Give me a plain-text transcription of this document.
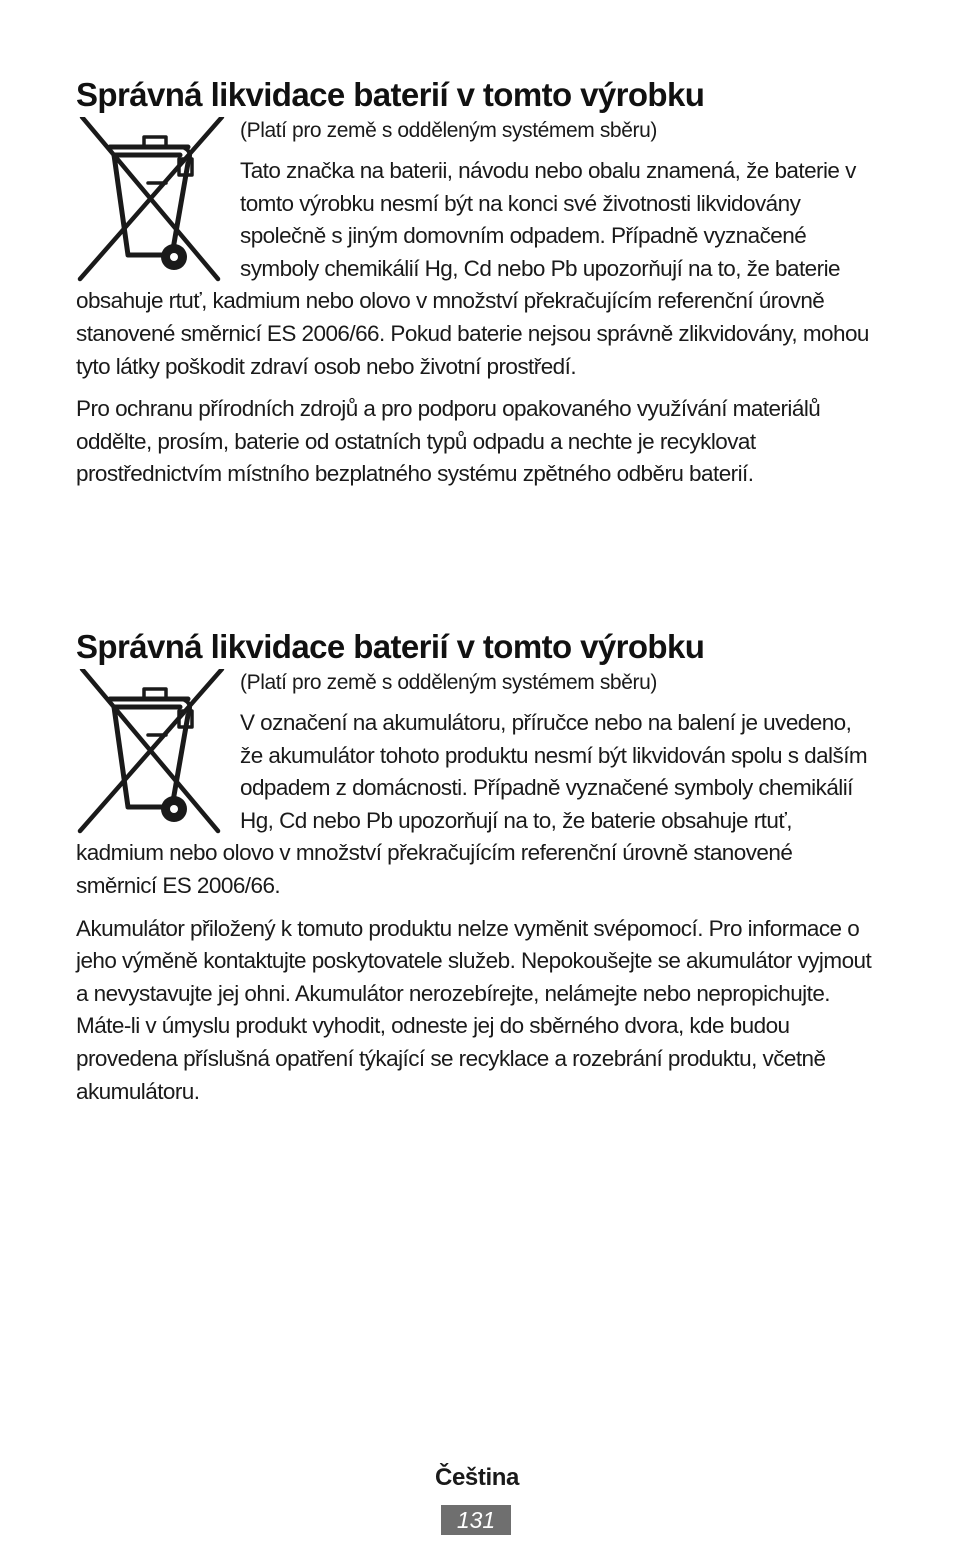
Správná likvidace baterií v tomto výrobku

(Platí pro země s odděleným systémem sběru)

Tato značka na baterii, návodu nebo obalu znamená, že baterie v tomto výrobku nesmí být na konci své životnosti likvidovány společně s jiným domovním odpadem. Případně vyznačené symboly chemikálií Hg, Cd nebo Pb upozorňují na to, že baterie obsahuje rtuť, kadmium nebo olovo v množství překračujícím referenční úrovně stanovené směrnicí ES 2006/66. Pokud baterie nejsou správně zlikvidovány, mohou tyto látky poškodit zdraví osob nebo životní prostředí.

Pro ochranu přírodních zdrojů a pro podporu opakovaného využívání materiálů oddělte, prosím, baterie od ostatních typů odpadu a nechte je recyklovat prostřednictvím místního bezplatného systému zpětného odběru baterií.

Správná likvidace baterií v tomto výrobku

(Platí pro země s odděleným systémem sběru)

V označení na akumulátoru, příručce nebo na balení je uvedeno, že akumulátor tohoto produktu nesmí být likvidován spolu s dalším odpadem z domácnosti. Případně vyznačené symboly chemikálií Hg, Cd nebo Pb upozorňují na to, že baterie obsahuje rtuť, kadmium nebo olovo v množství překračujícím referenční úrovně stanovené směrnicí ES 2006/66.

Akumulátor přiložený k tomuto produktu nelze vyměnit svépomocí. Pro informace o jeho výměně kontaktujte poskytovatele služeb. Nepokoušejte se akumulátor vyjmout a nevystavujte jej ohni. Akumulátor nerozebírejte, nelámejte nebo nepropichujte. Máte-li v úmyslu produkt vyhodit, odneste jej do sběrného dvora, kde budou provedena příslušná opatření týkající se recyklace a rozebrání produktu, včetně akumulátoru.

Čeština
131
